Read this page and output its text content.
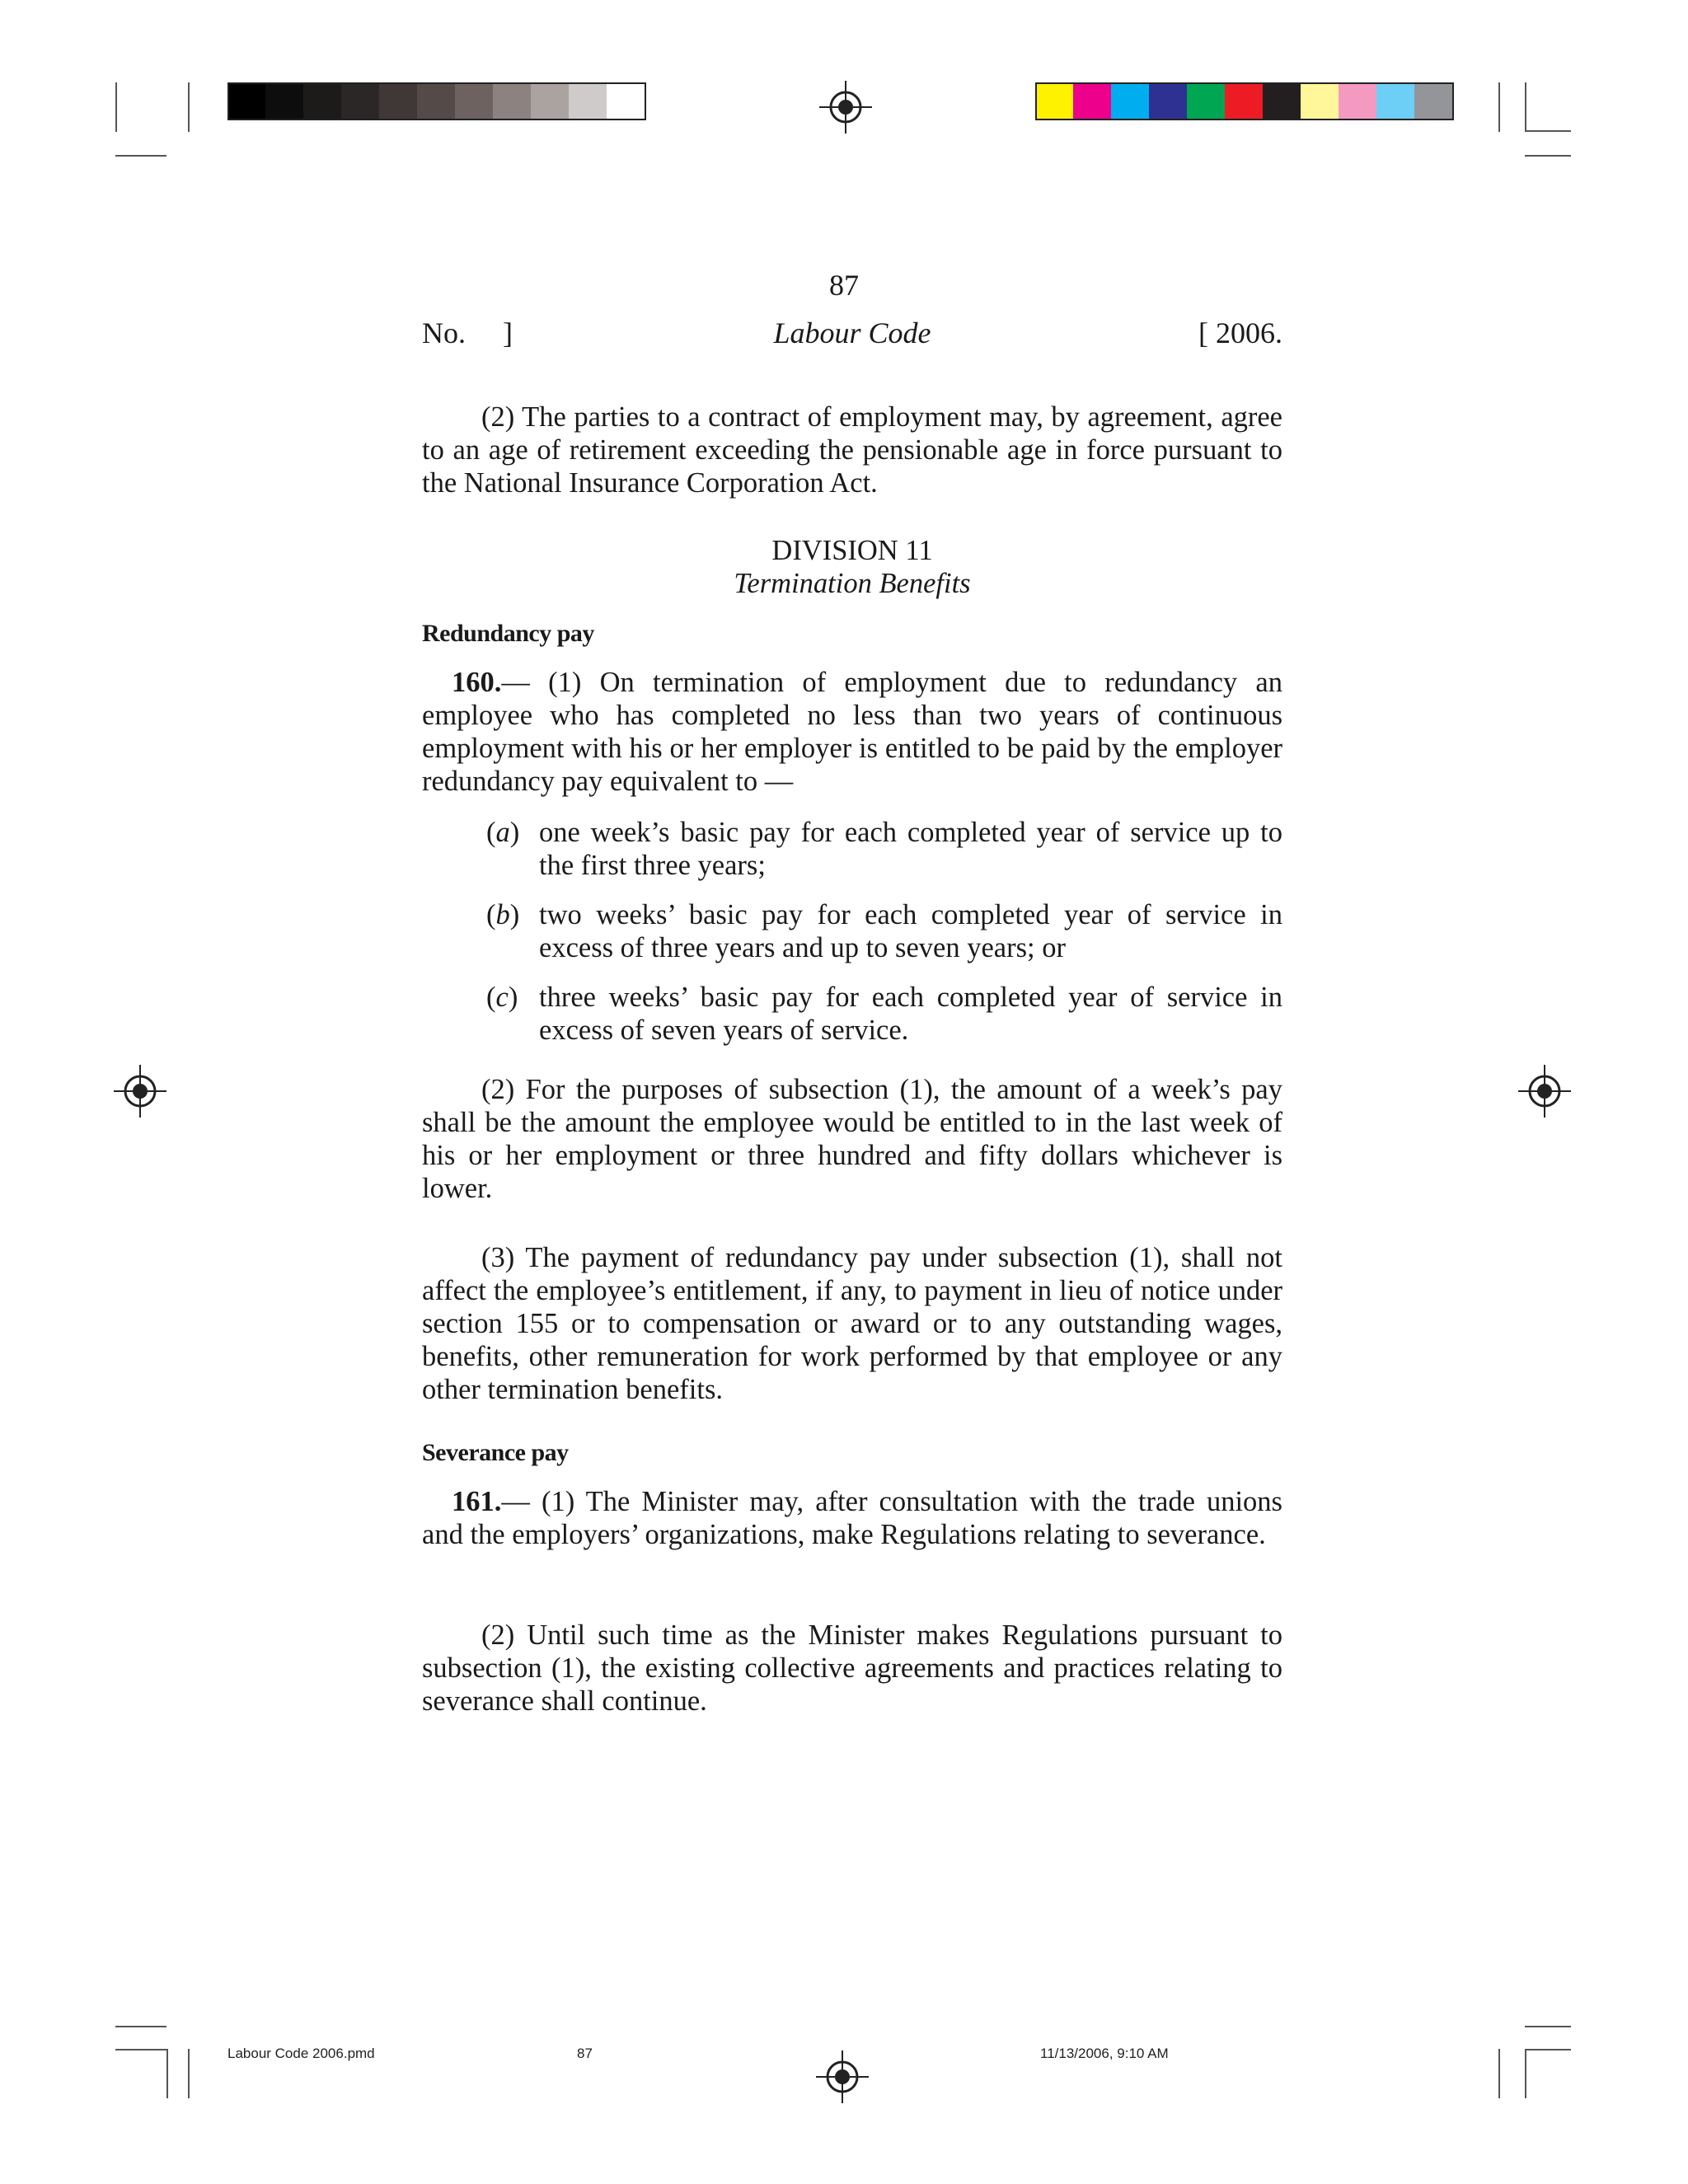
87
No.     ]	Labour Code	[ 2006.
(2) The parties to a contract of employment may, by agreement, agree to an age of retirement exceeding the pensionable age in force pursuant to the National Insurance Corporation Act.
DIVISION 11
Termination Benefits
Redundancy pay
160.— (1) On termination of employment due to redundancy an employee who has completed no less than two years of continuous employment with his or her employer is entitled to be paid by the employer redundancy pay equivalent to —
(a) one week’s basic pay for each completed year of service up to the first three years;
(b) two weeks’ basic pay for each completed year of service in excess of three years and up to seven years; or
(c) three weeks’ basic pay for each completed year of service in excess of seven years of service.
(2) For the purposes of subsection (1), the amount of a week’s pay shall be the amount the employee would be entitled to in the last week of his or her employment or three hundred and fifty dollars whichever is lower.
(3) The payment of redundancy pay under subsection (1), shall not affect the employee’s entitlement, if any, to payment in lieu of notice under section 155 or to compensation or award or to any outstanding wages, benefits, other remuneration for work performed by that employee or any other termination benefits.
Severance pay
161.— (1) The Minister may, after consultation with the trade unions and the employers’ organizations, make Regulations relating to severance.
(2) Until such time as the Minister makes Regulations pursuant to subsection (1), the existing collective agreements and practices relating to severance shall continue.
Labour Code 2006.pmd	87	11/13/2006, 9:10 AM
